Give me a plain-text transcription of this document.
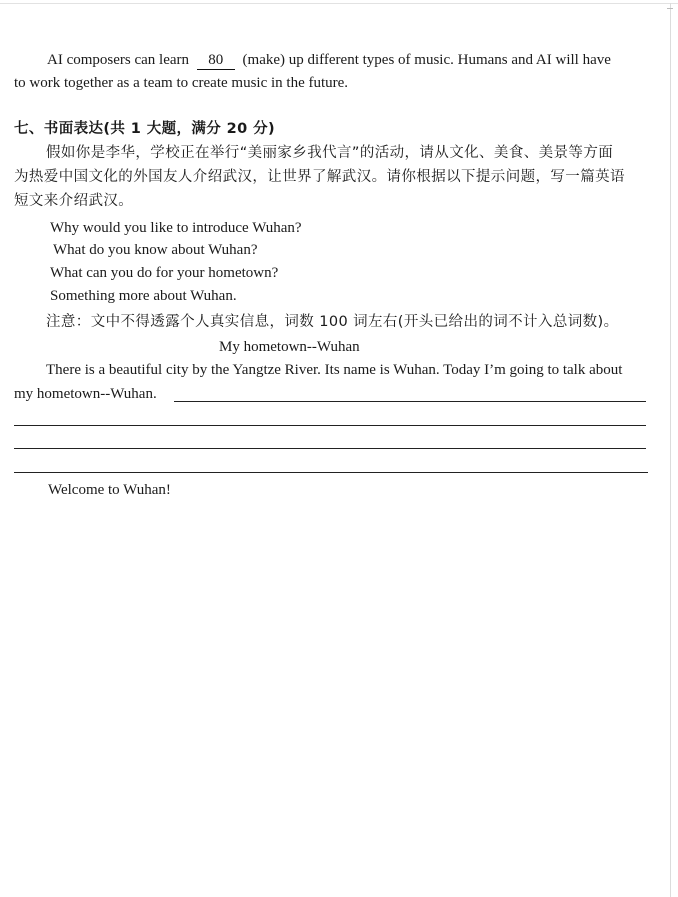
AI composers can learn 80 (make) up different types of music. Humans and AI will have
to work together as a team to create music in the future.
七、书面表达(共 1 大题，满分 20 分)
假如你是李华，学校正在举行“美丽家乡我代言”的活动，请从文化、美食、美景等方面
为热爱中国文化的外国友人介绍武汉，让世界了解武汉。请你根据以下提示问题，写一篇英语
短文来介绍武汉。
Why would you like to introduce Wuhan?
What do you know about Wuhan?
What can you do for your hometown?
Something more about Wuhan.
注意：文中不得透露个人真实信息，词数 100 词左右(开头已给出的词不计入总词数)。
My hometown--Wuhan
There is a beautiful city by the Yangtze River. Its name is Wuhan. Today I’m going to talk about
my hometown--Wuhan.
Welcome to Wuhan!
